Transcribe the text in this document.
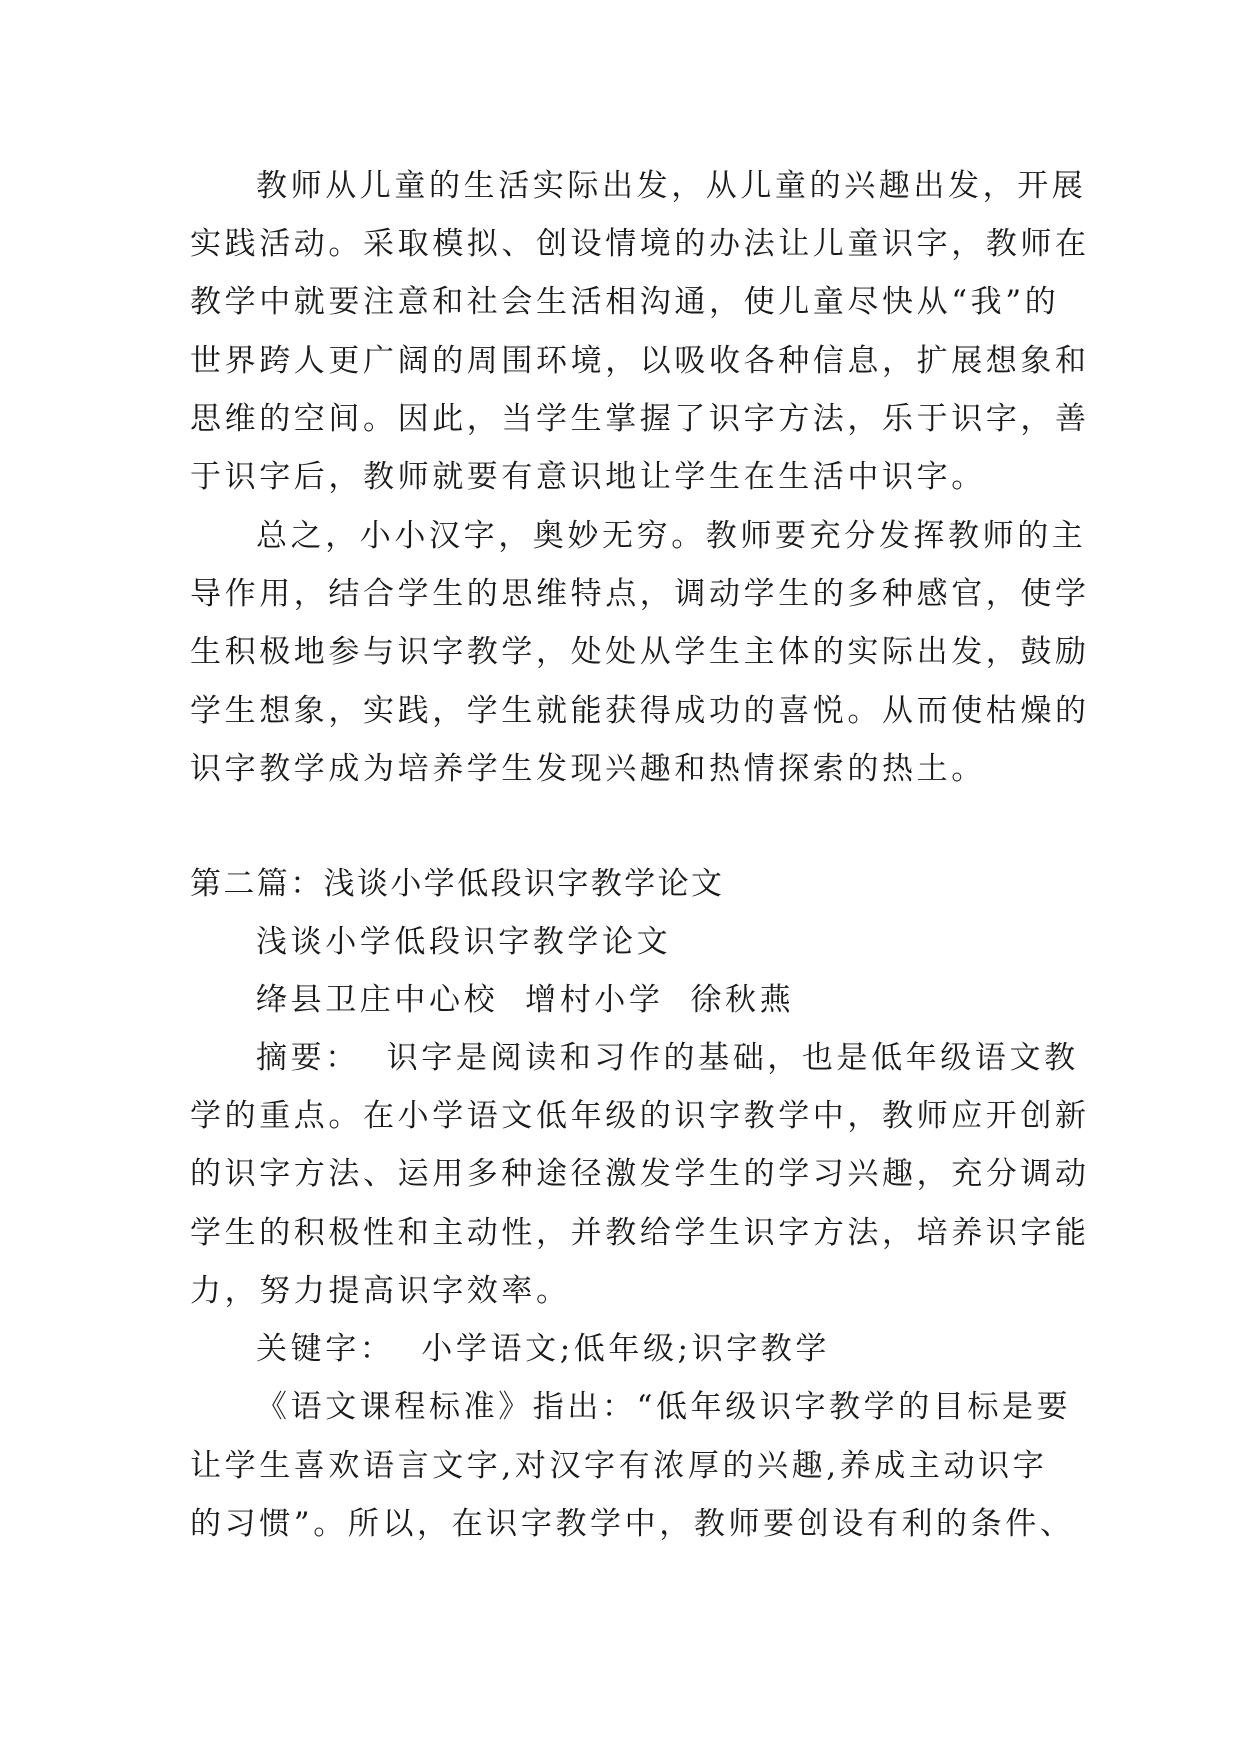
教师从儿童的生活实际出发，从儿童的兴趣出发，开展
实践活动。采取模拟、创设情境的办法让儿童识字，教师在
教学中就要注意和社会生活相沟通，使儿童尽快从“我”的
世界跨人更广阔的周围环境，以吸收各种信息，扩展想象和
思维的空间。因此，当学生掌握了识字方法，乐于识字，善
于识字后，教师就要有意识地让学生在生活中识字。
总之，小小汉字，奥妙无穷。教师要充分发挥教师的主
导作用，结合学生的思维特点，调动学生的多种感官，使学
生积极地参与识字教学，处处从学生主体的实际出发，鼓励
学生想象，实践，学生就能获得成功的喜悦。从而使枯燥的
识字教学成为培养学生发现兴趣和热情探索的热土。
第二篇：浅谈小学低段识字教学论文
浅谈小学低段识字教学论文
绛县卫庄中心校  增村小学  徐秋燕
摘要：  识字是阅读和习作的基础，也是低年级语文教
学的重点。在小学语文低年级的识字教学中，教师应开创新
的识字方法、运用多种途径激发学生的学习兴趣，充分调动
学生的积极性和主动性，并教给学生识字方法，培养识字能
力，努力提高识字效率。
关键字：  小学语文;低年级;识字教学
《语文课程标准》指出：“低年级识字教学的目标是要
让学生喜欢语言文字,对汉字有浓厚的兴趣,养成主动识字
的习惯”。所以，在识字教学中，教师要创设有利的条件、
